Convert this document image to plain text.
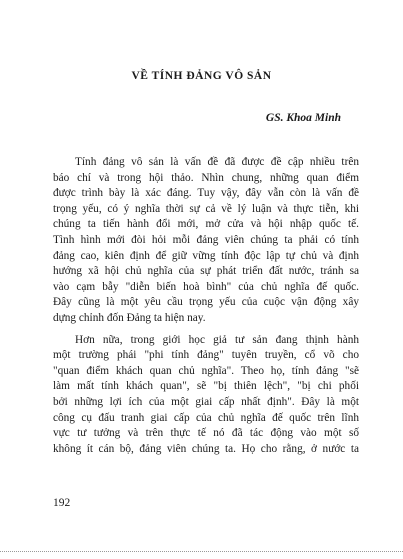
VỀ TÍNH ĐẢNG VÔ SẢN
GS. Khoa Minh
Tính đảng vô sản là vấn đề đã được đề cập nhiều trên
báo chí và trong hội thảo. Nhìn chung, những quan điểm
được trình bày là xác đáng. Tuy vậy, đây vẫn còn là vấn đề
trọng yếu, có ý nghĩa thời sự cả về lý luận và thực tiễn, khi
chúng ta tiến hành đổi mới, mở cửa và hội nhập quốc tế.
Tình hình mới đòi hỏi mỗi đảng viên chúng ta phải có tính
đảng cao, kiên định để giữ vững tính độc lập tự chủ và định
hướng xã hội chủ nghĩa của sự phát triển đất nước, tránh sa
vào cạm bẫy "diễn biến hoà bình" của chủ nghĩa đế quốc.
Đây cũng là một yêu cầu trọng yếu của cuộc vận động xây
dựng chỉnh đốn Đảng ta hiện nay.
Hơn nữa, trong giới học giả tư sản đang thịnh hành
một trường phái "phi tính đảng" tuyên truyền, cổ võ cho
"quan điểm khách quan chủ nghĩa". Theo họ, tính đảng "sẽ
làm mất tính khách quan", sẽ "bị thiên lệch", "bị chi phối
bởi những lợi ích của một giai cấp nhất định". Đây là một
công cụ đấu tranh giai cấp của chủ nghĩa đế quốc trên lĩnh
vực tư tưởng và trên thực tế nó đã tác động vào một số
không ít cán bộ, đảng viên chúng ta. Họ cho rằng, ở nước ta
192
